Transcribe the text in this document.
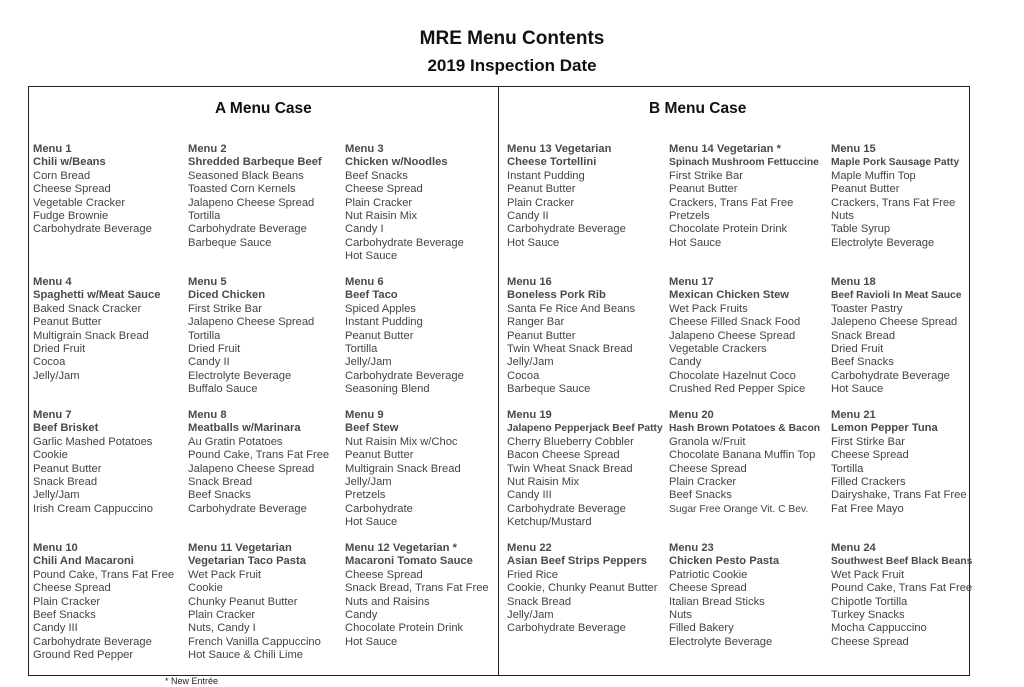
MRE Menu Contents
2019 Inspection Date
A Menu Case	B Menu Case
Menu 1
Chili w/Beans
Corn Bread
Cheese Spread
Vegetable Cracker
Fudge Brownie
Carbohydrate Beverage
Menu 2
Shredded Barbeque Beef
Seasoned Black Beans
Toasted Corn Kernels
Jalapeno Cheese Spread
Tortilla
Carbohydrate Beverage
Barbeque Sauce
Menu 3
Chicken w/Noodles
Beef Snacks
Cheese Spread
Plain Cracker
Nut Raisin Mix
Candy I
Carbohydrate Beverage
Hot Sauce
Menu 4
Spaghetti w/Meat Sauce
Baked Snack Cracker
Peanut Butter
Multigrain Snack Bread
Dried Fruit
Cocoa
Jelly/Jam
Menu 5
Diced Chicken
First Strike Bar
Jalapeno Cheese Spread
Tortilla
Dried Fruit
Candy II
Electrolyte Beverage
Buffalo Sauce
Menu 6
Beef Taco
Spiced Apples
Instant Pudding
Peanut Butter
Tortilla
Jelly/Jam
Carbohydrate Beverage
Seasoning Blend
Menu 7
Beef Brisket
Garlic Mashed Potatoes
Cookie
Peanut Butter
Snack Bread
Jelly/Jam
Irish Cream Cappuccino
Menu 8
Meatballs w/Marinara
Au Gratin Potatoes
Pound Cake, Trans Fat Free
Jalapeno Cheese Spread
Snack Bread
Beef Snacks
Carbohydrate Beverage
Menu 9
Beef Stew
Nut Raisin Mix w/Choc
Peanut Butter
Multigrain Snack Bread
Jelly/Jam
Pretzels
Carbohydrate
Hot Sauce
Menu 10
Chili And Macaroni
Pound Cake, Trans Fat Free
Cheese Spread
Plain Cracker
Beef Snacks
Candy III
Carbohydrate Beverage
Ground Red Pepper
Menu 11 Vegetarian
Vegetarian Taco Pasta
Wet Pack Fruit
Cookie
Chunky Peanut Butter
Plain Cracker
Nuts, Candy I
French Vanilla Cappuccino
Hot Sauce & Chili Lime
Menu 12 Vegetarian *
Macaroni Tomato Sauce
Cheese Spread
Snack Bread, Trans Fat Free
Nuts and Raisins
Candy
Chocolate Protein Drink
Hot Sauce
Menu 13 Vegetarian
Cheese Tortellini
Instant Pudding
Peanut Butter
Plain Cracker
Candy II
Carbohydrate Beverage
Hot Sauce
Menu 14 Vegetarian *
Spinach Mushroom Fettuccine
First Strike Bar
Peanut Butter
Crackers, Trans Fat Free
Pretzels
Chocolate Protein Drink
Hot Sauce
Menu 15
Maple Pork Sausage Patty
Maple Muffin Top
Peanut Butter
Crackers, Trans Fat Free
Nuts
Table Syrup
Electrolyte Beverage
Menu 16
Boneless Pork Rib
Santa Fe Rice And Beans
Ranger Bar
Peanut Butter
Twin Wheat Snack Bread
Jelly/Jam
Cocoa
Barbeque Sauce
Menu 17
Mexican Chicken Stew
Wet Pack Fruits
Cheese Filled Snack Food
Jalapeno Cheese Spread
Vegetable Crackers
Candy
Chocolate Hazelnut Coco
Crushed Red Pepper Spice
Menu 18
Beef Ravioli In Meat Sauce
Toaster Pastry
Jalepeno Cheese Spread
Snack Bread
Dried Fruit
Beef Snacks
Carbohydrate Beverage
Hot Sauce
Menu 19
Jalapeno Pepperjack Beef Patty
Cherry Blueberry Cobbler
Bacon Cheese Spread
Twin Wheat Snack Bread
Nut Raisin Mix
Candy III
Carbohydrate Beverage
Ketchup/Mustard
Menu 20
Hash Brown Potatoes & Bacon
Granola w/Fruit
Chocolate Banana Muffin Top
Cheese Spread
Plain Cracker
Beef Snacks
Sugar Free Orange Vit. C Bev.
Menu 21
Lemon Pepper Tuna
First Stirke Bar
Cheese Spread
Tortilla
Filled Crackers
Dairyshake, Trans Fat Free
Fat Free Mayo
Menu 22
Asian Beef Strips Peppers
Fried Rice
Cookie, Chunky Peanut Butter
Snack Bread
Jelly/Jam
Carbohydrate Beverage
Menu 23
Chicken Pesto Pasta
Patriotic Cookie
Cheese Spread
Italian Bread Sticks
Nuts
Filled Bakery
Electrolyte Beverage
Menu 24
Southwest Beef Black Beans
Wet Pack Fruit
Pound Cake, Trans Fat Free
Chipotle Tortilla
Turkey Snacks
Mocha Cappuccino
Cheese Spread
* New Entrée
